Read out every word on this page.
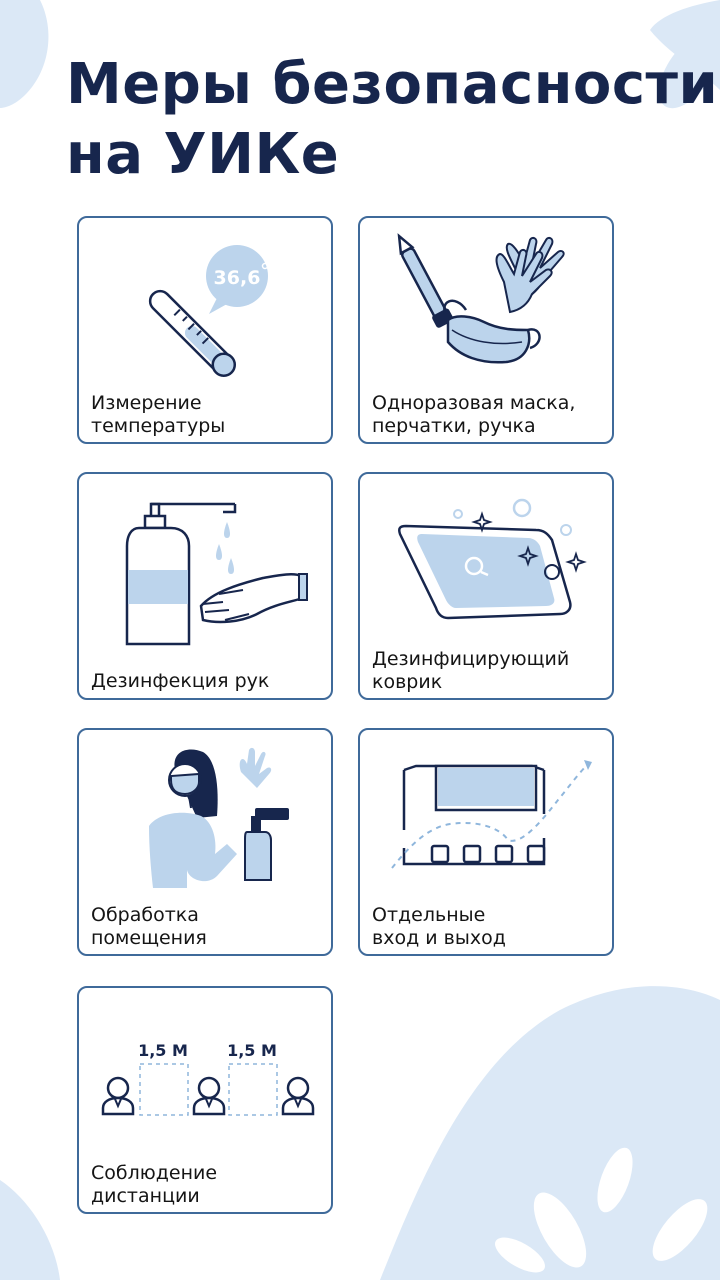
Меры безопасности
на УИКе
36,6
Измерение
температуры
Одноразовая маска,
перчатки, ручка
Дезинфекция рук
Дезинфицирующий
коврик
Обработка
помещения
Отдельные
вход и выход
1,5 М 1,5 М
Соблюдение
дистанции
